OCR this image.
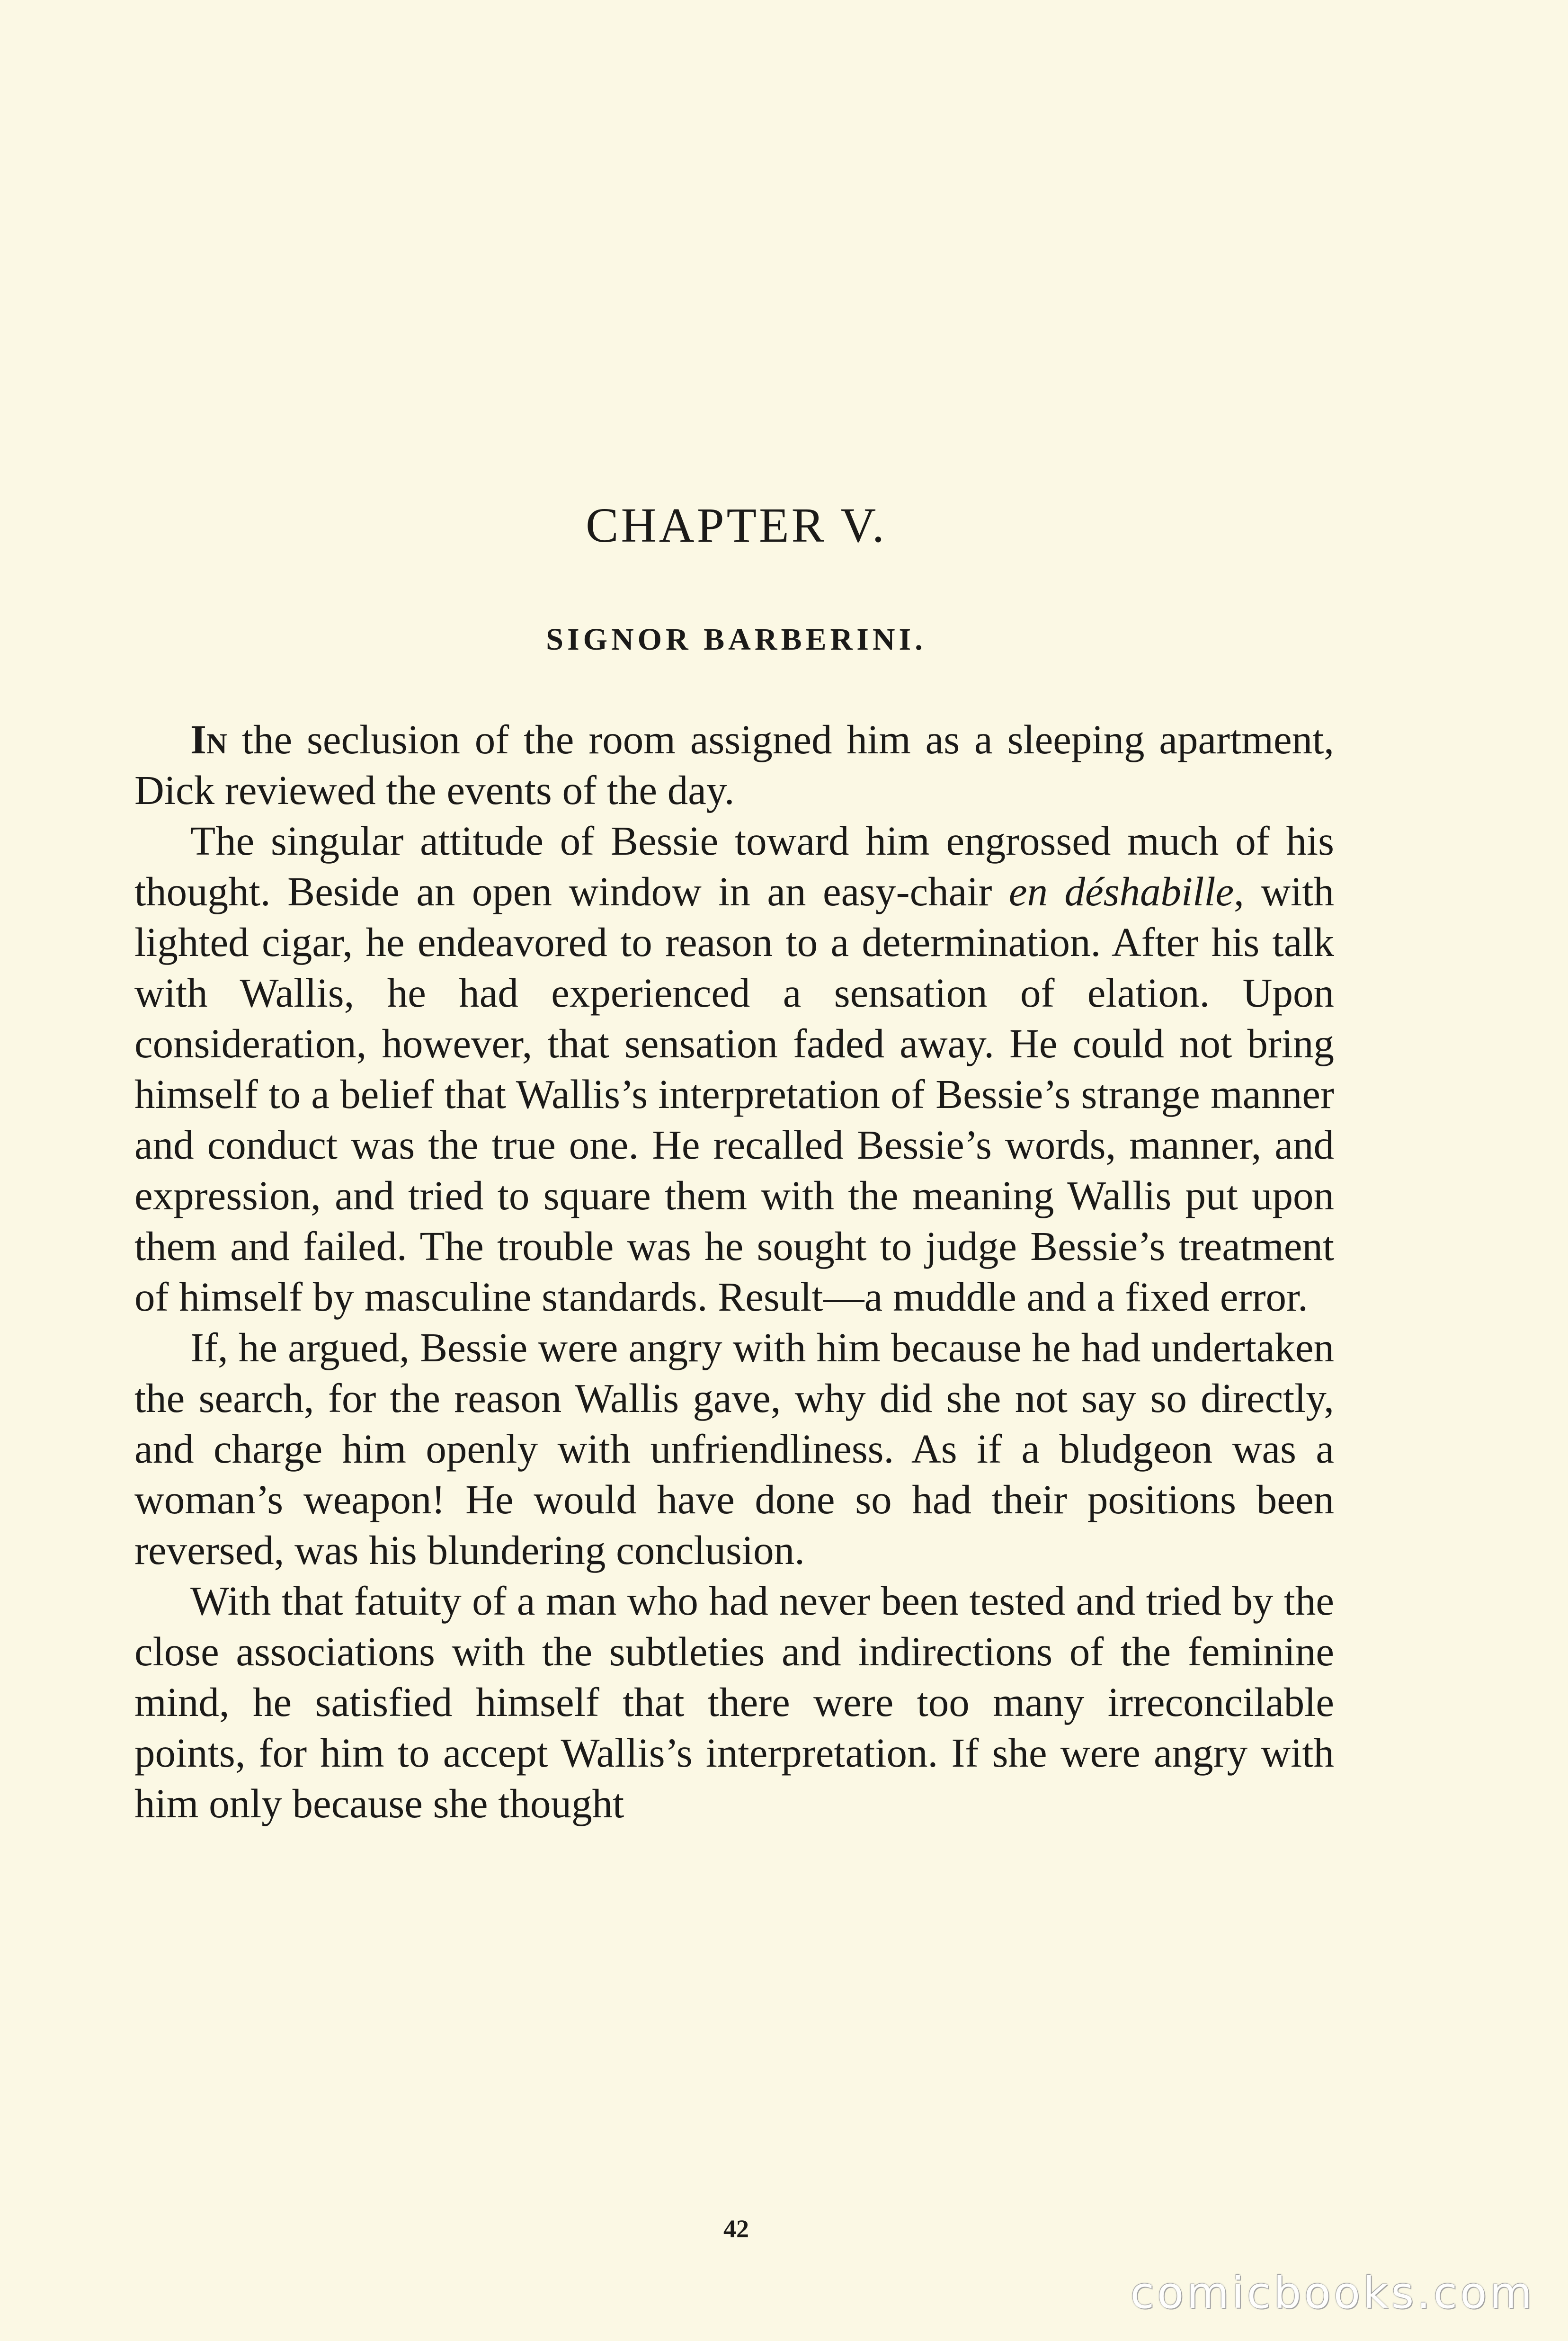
CHAPTER V.
SIGNOR BARBERINI.

In the seclusion of the room assigned him as a sleeping apartment, Dick reviewed the events of the day.

The singular attitude of Bessie toward him engrossed much of his thought. Beside an open window in an easy-chair en déshabille, with lighted cigar, he endeavored to reason to a determination. After his talk with Wallis, he had experienced a sensation of elation. Upon consideration, however, that sensation faded away. He could not bring himself to a belief that Wallis’s interpretation of Bessie’s strange manner and conduct was the true one. He recalled Bessie’s words, manner, and expression, and tried to square them with the meaning Wallis put upon them and failed. The trouble was he sought to judge Bessie’s treatment of himself by masculine standards. Result—a muddle and a fixed error.

If, he argued, Bessie were angry with him because he had undertaken the search, for the reason Wallis gave, why did she not say so directly, and charge him openly with unfriendliness. As if a bludgeon was a woman’s weapon! He would have done so had their positions been reversed, was his blundering conclusion.

With that fatuity of a man who had never been tested and tried by the close associations with the subtleties and indirections of the feminine mind, he satisfied himself that there were too many irreconcilable points, for him to accept Wallis’s interpretation. If she were angry with him only because she thought

42
comicbooks.com
